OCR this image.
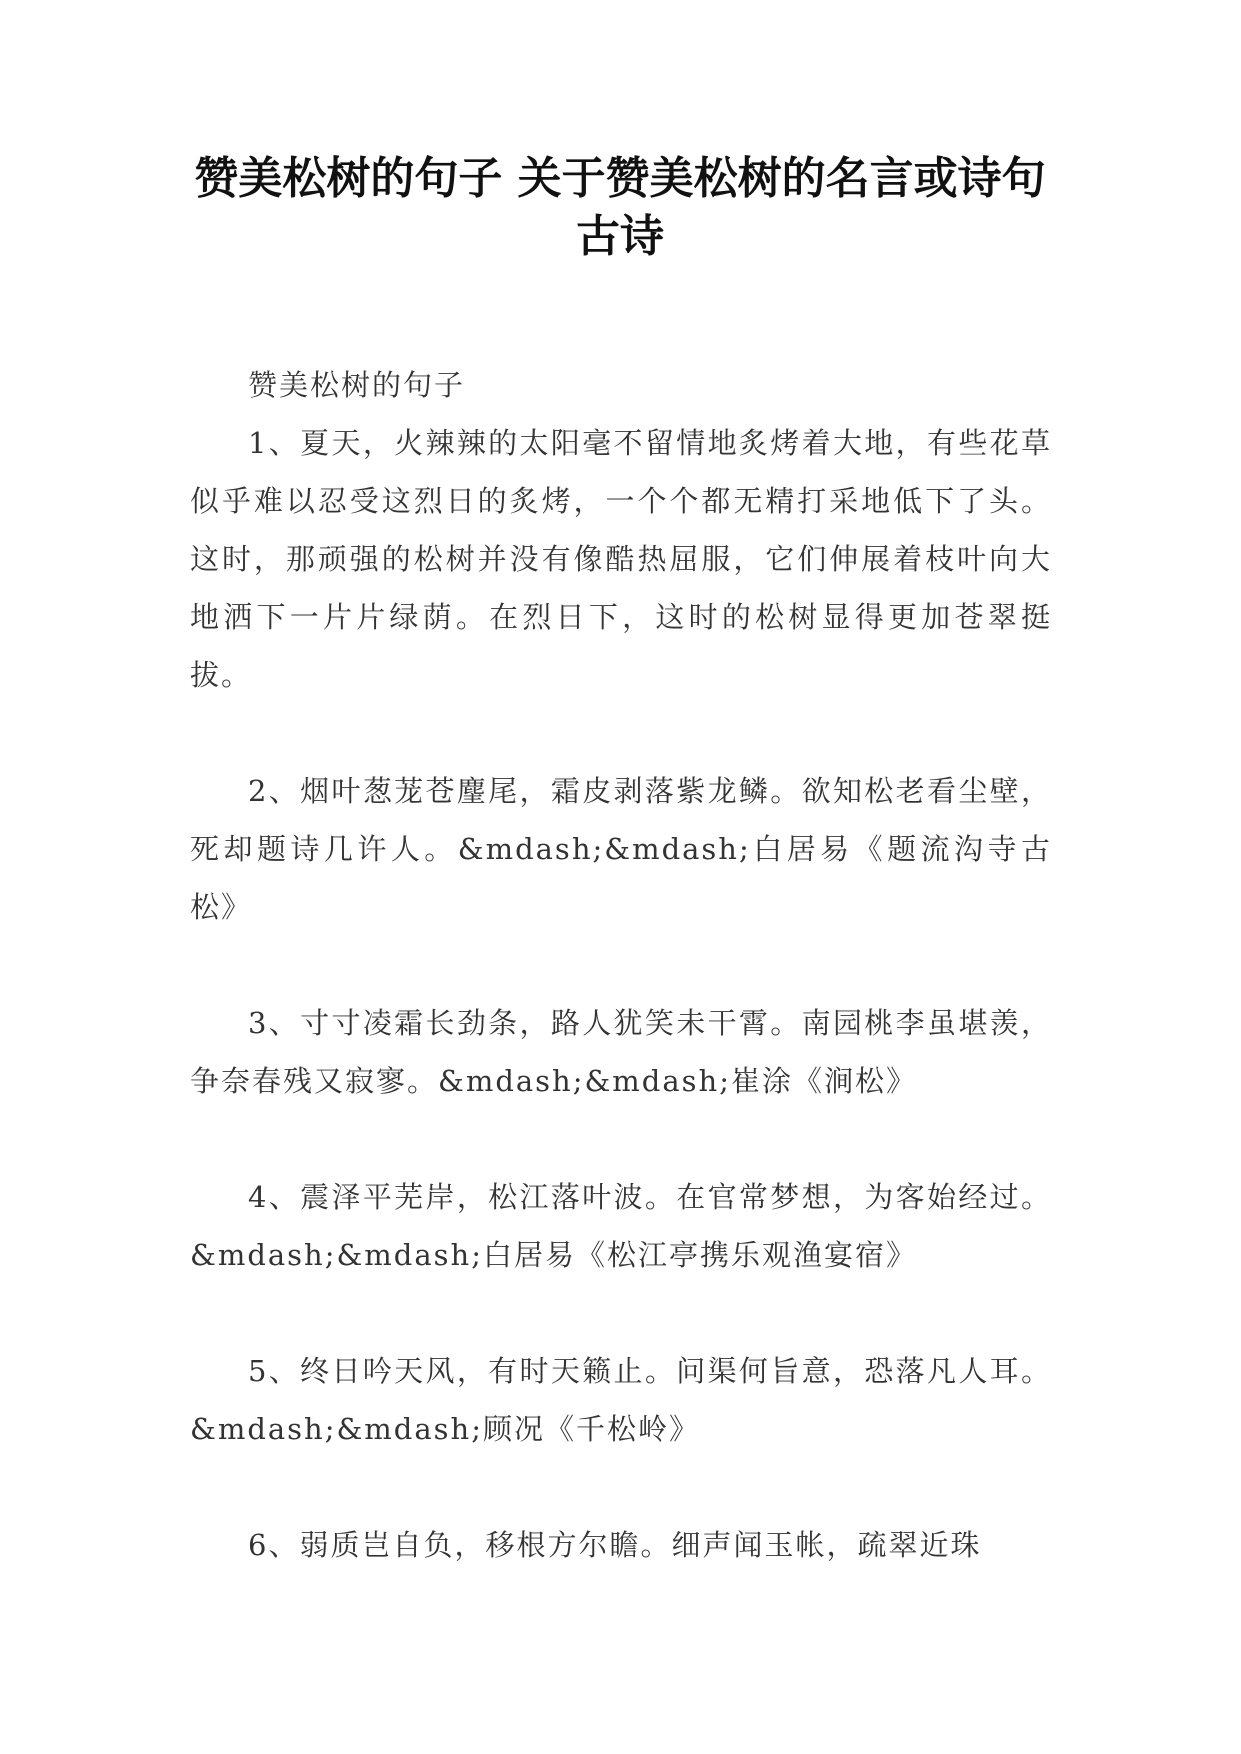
赞美松树的句子 关于赞美松树的名言或诗句古诗

赞美松树的句子

1、夏天，火辣辣的太阳毫不留情地炙烤着大地，有些花草似乎难以忍受这烈日的炙烤，一个个都无精打采地低下了头。这时，那顽强的松树并没有像酷热屈服，它们伸展着枝叶向大地洒下一片片绿荫。在烈日下，这时的松树显得更加苍翠挺拔。

2、烟叶葱茏苍麈尾，霜皮剥落紫龙鳞。欲知松老看尘壁，死却题诗几许人。&mdash;&mdash;白居易《题流沟寺古松》

3、寸寸凌霜长劲条，路人犹笑未干霄。南园桃李虽堪羡，争奈春残又寂寥。&mdash;&mdash;崔涂《涧松》

4、震泽平芜岸，松江落叶波。在官常梦想，为客始经过。&mdash;&mdash;白居易《松江亭携乐观渔宴宿》

5、终日吟天风，有时天籁止。问渠何旨意，恐落凡人耳。&mdash;&mdash;顾况《千松岭》

6、弱质岂自负，移根方尔瞻。细声闻玉帐，疏翠近珠
